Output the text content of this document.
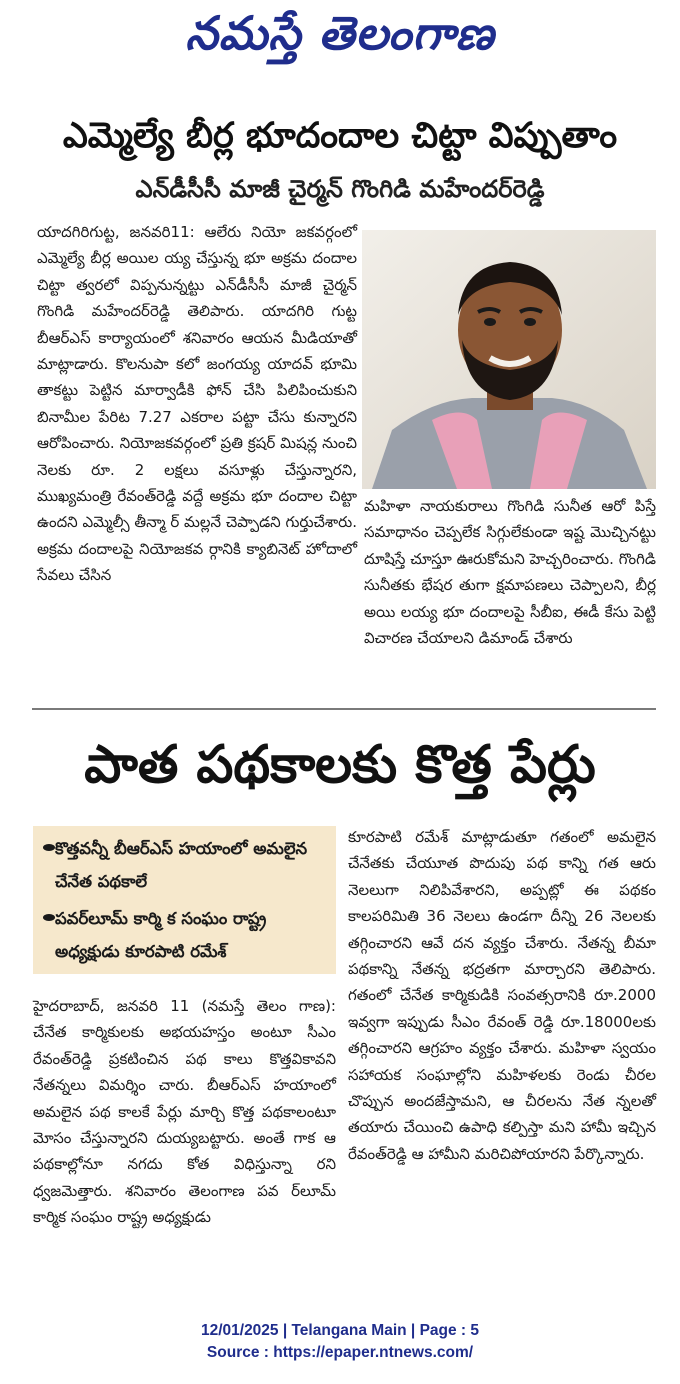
నమస్తే తెలంగాణ
ఎమ్మెల్యే బీర్ల భూదందాల చిట్టా విప్పుతాం
ఎన్‌డీసీసీ మాజీ చైర్మన్‌ గొంగిడి మహేందర్‌రెడ్డి
యాదగిరిగుట్ట, జనవరి11: ఆలేరు నియో జకవర్గంలో ఎమ్మెల్యే బీర్ల అయిల య్య చేస్తున్న భూ అక్రమ దందాల చిట్టా త్వరలో విప్పనున్నట్టు ఎన్‌డీసీసీ మాజీ చైర్మన్‌ గొంగిడి మహేందర్‌రెడ్డి తెలిపారు. యాదగిరి గుట్ట బీఆర్‌ఎస్‌ కార్యాయంలో శనివారం ఆయన మీడియాతో మాట్లాడారు. కొలనుపా కలో జంగయ్య యాదవ్‌ భూమి తాకట్టు పెట్టిన మార్వాడీకి ఫోన్‌ చేసి పిలిపించుకుని బినామీల పేరిట 7.27 ఎకరాల పట్టా చేసు కున్నారని ఆరోపించారు. నియోజకవర్గంలో ప్రతి క్రషర్‌ మిషన్ల నుంచి నెలకు రూ. 2 లక్షలు వసూళ్లు చేస్తున్నారని, ముఖ్యమంత్రి రేవంత్‌రెడ్డి వద్దే అక్రమ భూ దందాల చిట్టా ఉందని ఎమ్మెల్సీ తీన్మా ర్‌ మల్లనే చెప్పాడని గుర్తుచేశారు. అక్రమ దందాలపై నియోజకవ ర్గానికి క్యాబినెట్‌ హోదాలో సేవలు చేసిన
మహిళా నాయకురాలు గొంగిడి సునీత ఆరో పిస్తే సమాధానం చెప్పలేక సిగ్గులేకుండా ఇష్ట మొచ్చినట్టు దూషిస్తే చూస్తూ ఊరుకోమని హెచ్చరించారు. గొంగిడి సునీతకు భేషర తుగా క్షమాపణలు చెప్పాలని, బీర్ల అయి లయ్య భూ దందాలపై సీబీఐ, ఈడీ కేసు పెట్టి విచారణ చేయాలని డిమాండ్‌ చేశారు
పాత పథకాలకు కొత్త పేర్లు
కొత్తవన్నీ బీఆర్‌ఎస్‌ హయాంలో అమలైన చేనేత పథకాలే
పవర్‌లూమ్‌ కార్మి క సంఘం రాష్ట్ర అధ్యక్షుడు కూరపాటి రమేశ్‌
హైదరాబాద్‌, జనవరి 11 (నమస్తే తెలం గాణ): చేనేత కార్మికులకు అభయహస్తం అంటూ సీఎం రేవంత్‌రెడ్డి ప్రకటించిన పథ కాలు కొత్తవికావని నేతన్నలు విమర్శిం చారు. బీఆర్‌ఎస్‌ హయాంలో అమలైన పథ కాలకే పేర్లు మార్చి కొత్త పథకాలంటూ మోసం చేస్తున్నారని దుయ్యబట్టారు. అంతే గాక ఆ పథకాల్లోనూ నగదు కోత విధిస్తున్నా రని ధ్వజమెత్తారు. శనివారం తెలంగాణ పవ ర్‌లూమ్‌ కార్మిక సంఘం రాష్ట్ర అధ్యక్షుడు
కూరపాటి రమేశ్‌ మాట్లాడుతూ గతంలో అమలైన చేనేతకు చేయూత పొదుపు పథ కాన్ని గత ఆరు నెలలుగా నిలిపివేశారని, అప్పట్లో ఈ పథకం కాలపరిమితి 36 నెలలు ఉండగా దీన్ని 26 నెలలకు తగ్గించారని ఆవే దన వ్యక్తం చేశారు. నేతన్న బీమా పథకాన్ని నేతన్న భద్రతగా మార్చారని తెలిపారు. గతంలో చేనేత కార్మికుడికి సంవత్సరానికి రూ.2000 ఇవ్వగా ఇప్పుడు సీఎం రేవంత్‌ రెడ్డి రూ.18000లకు తగ్గించారని ఆగ్రహం వ్యక్తం చేశారు. మహిళా స్వయం సహాయక సంఘాల్లోని మహిళలకు రెండు చీరల చొప్పున అందజేస్తామని, ఆ చీరలను నేత న్నలతో తయారు చేయించి ఉపాధి కల్పిస్తా మని హామీ ఇచ్చిన రేవంత్‌రెడ్డి ఆ హామీని మరిచిపోయారని పేర్కొన్నారు.
12/01/2025 | Telangana Main | Page : 5
Source : https://epaper.ntnews.com/
